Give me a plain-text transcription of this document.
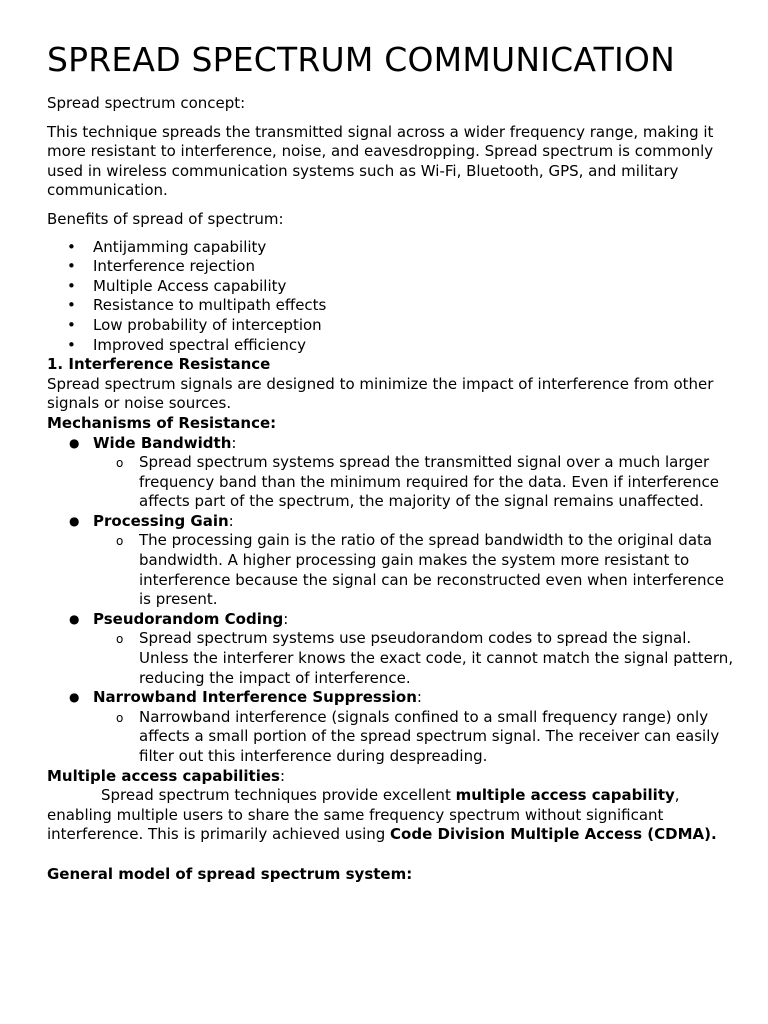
SPREAD SPECTRUM COMMUNICATION

Spread spectrum concept:

This technique spreads the transmitted signal across a wider frequency range, making it more resistant to interference, noise, and eavesdropping. Spread spectrum is commonly used in wireless communication systems such as Wi-Fi, Bluetooth, GPS, and military communication.

Benefits of spread of spectrum:

• Antijamming capability
• Interference rejection
• Multiple Access capability
• Resistance to multipath effects
• Low probability of interception
• Improved spectral efficiency

1. Interference Resistance

Spread spectrum signals are designed to minimize the impact of interference from other signals or noise sources.

Mechanisms of Resistance:

● Wide Bandwidth:
o Spread spectrum systems spread the transmitted signal over a much larger frequency band than the minimum required for the data. Even if interference affects part of the spectrum, the majority of the signal remains unaffected.
● Processing Gain:
o The processing gain is the ratio of the spread bandwidth to the original data bandwidth. A higher processing gain makes the system more resistant to interference because the signal can be reconstructed even when interference is present.
● Pseudorandom Coding:
o Spread spectrum systems use pseudorandom codes to spread the signal. Unless the interferer knows the exact code, it cannot match the signal pattern, reducing the impact of interference.
● Narrowband Interference Suppression:
o Narrowband interference (signals confined to a small frequency range) only affects a small portion of the spread spectrum signal. The receiver can easily filter out this interference during despreading.

Multiple access capabilities:

Spread spectrum techniques provide excellent multiple access capability, enabling multiple users to share the same frequency spectrum without significant interference. This is primarily achieved using Code Division Multiple Access (CDMA).

General model of spread spectrum system:
